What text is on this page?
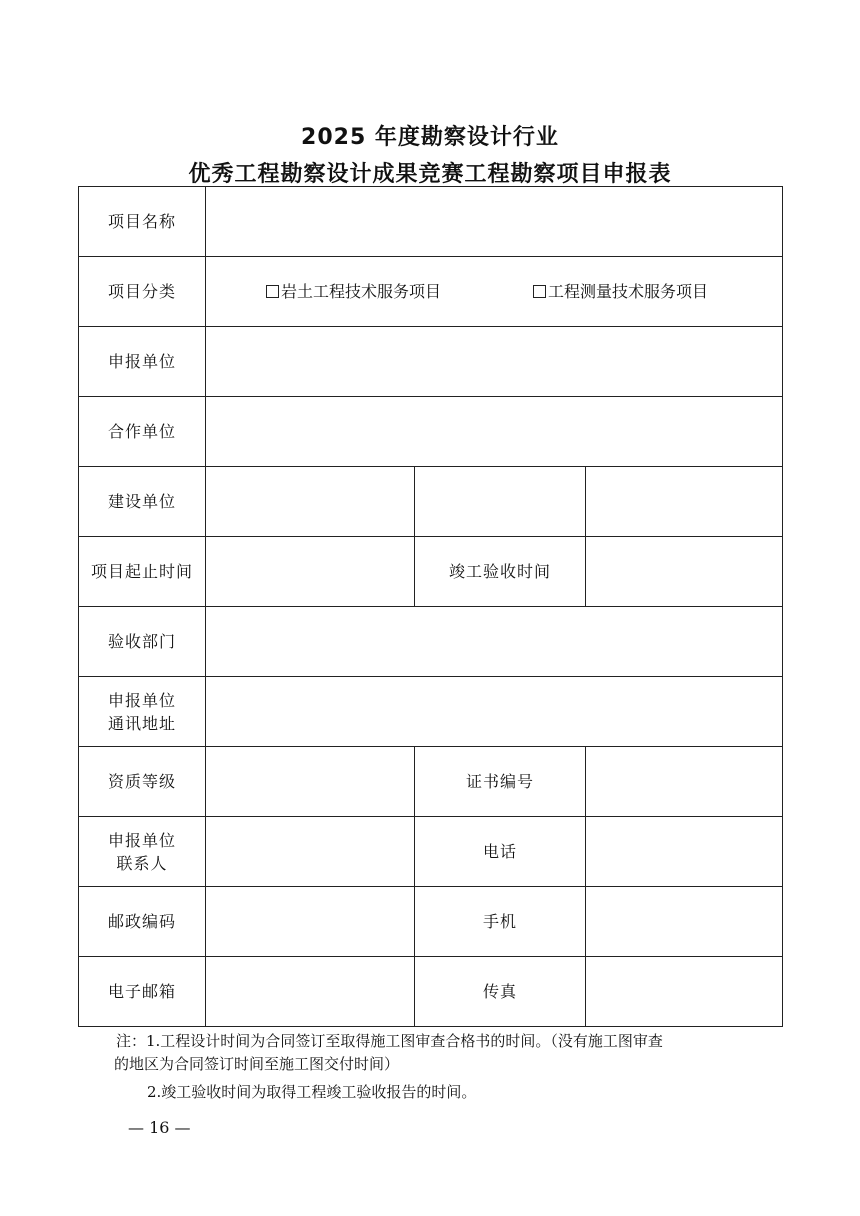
2025 年度勘察设计行业
优秀工程勘察设计成果竞赛工程勘察项目申报表
项目名称			
项目分类	岩土工程技术服务项目 工程测量技术服务项目		

申报单位			
合作单位			
建设单位			
项目起止时间		竣工验收时间	
验收部门			

申报单位
通讯地址			

资质等级		证书编号	

申报单位
联系人		电话	
邮政编码		手机	
电子邮箱		传真	
注：1.工程设计时间为合同签订至取得施工图审查合格书的时间。（没有施工图审查
的地区为合同签订时间至施工图交付时间）
2.竣工验收时间为取得工程竣工验收报告的时间。
— 16 —
